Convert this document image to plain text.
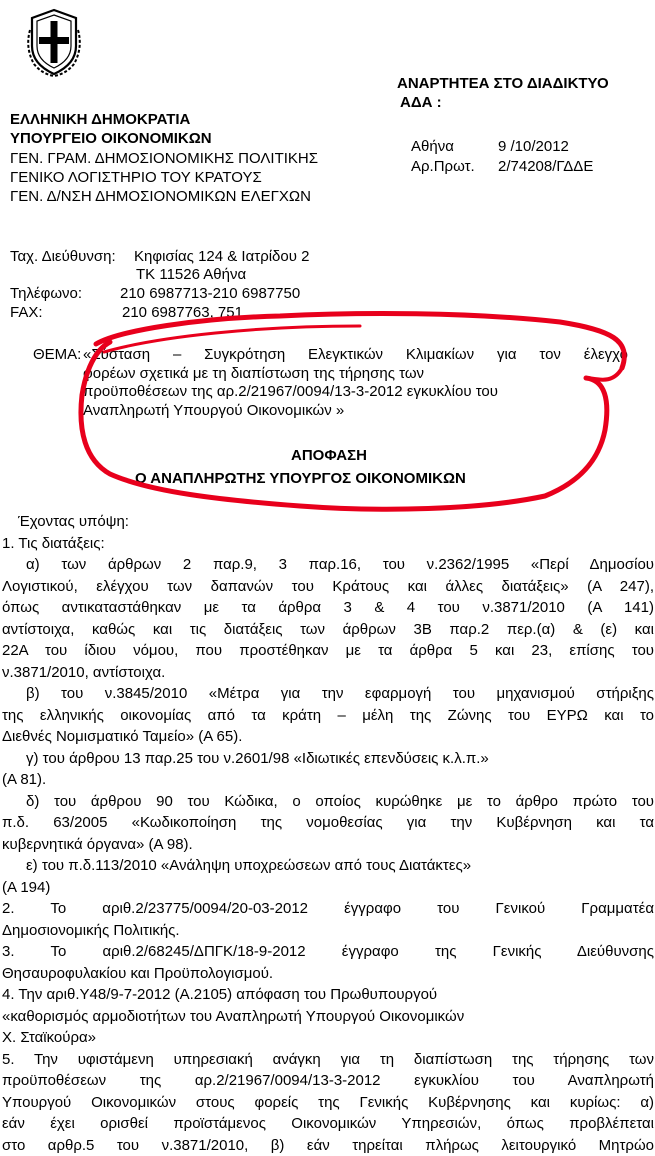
ΕΛΛΗΝΙΚΗ ΔΗΜΟΚΡΑΤΙΑ
ΥΠΟΥΡΓΕΙΟ ΟΙΚΟΝΟΜΙΚΩΝ
ΓΕΝ. ΓΡΑΜ. ΔΗΜΟΣΙΟΝΟΜΙΚΗΣ ΠΟΛΙΤΙΚΗΣ
ΓΕΝΙΚΟ ΛΟΓΙΣΤΗΡΙΟ ΤΟΥ ΚΡΑΤΟΥΣ
ΓΕΝ. Δ/ΝΣΗ ΔΗΜΟΣΙΟΝΟΜΙΚΩΝ ΕΛΕΓΧΩΝ
ΑΝΑΡΤΗΤΕΑ ΣΤΟ ΔΙΑΔΙΚΤΥΟ
ΑΔΑ :
Αθήνα	9 /10/2012
Αρ.Πρωτ. 2/74208/ΓΔΔΕ
Ταχ. Διεύθυνση: Κηφισίας 124 & Ιατρίδου 2
ΤΚ 11526 Αθήνα
Τηλέφωνο:	210 6987713-210 6987750
FAX:	210 6987763, 751
ΘΕΜΑ: «Σύσταση – Συγκρότηση Ελεγκτικών Κλιμακίων για τον έλεγχο
φορέων σχετικά με τη διαπίστωση της τήρησης των
προϋποθέσεων της αρ.2/21967/0094/13-3-2012 εγκυκλίου του
Αναπληρωτή Υπουργού Οικονομικών »
ΑΠΟΦΑΣΗ
Ο ΑΝΑΠΛΗΡΩΤΗΣ ΥΠΟΥΡΓΟΣ ΟΙΚΟΝΟΜΙΚΩΝ
Έχοντας υπόψη:
1. Τις διατάξεις:
α) των άρθρων 2 παρ.9, 3 παρ.16, του ν.2362/1995 «Περί Δημοσίου
Λογιστικού, ελέγχου των δαπανών του Κράτους και άλλες διατάξεις» (Α 247),
όπως αντικαταστάθηκαν με τα άρθρα 3 & 4 του ν.3871/2010 (Α 141)
αντίστοιχα, καθώς και τις διατάξεις των άρθρων 3Β παρ.2 περ.(α) & (ε) και
22Α του ίδιου νόμου, που προστέθηκαν με τα άρθρα 5 και 23, επίσης του
ν.3871/2010, αντίστοιχα.
β) του ν.3845/2010 «Μέτρα για την εφαρμογή του μηχανισμού στήριξης
της ελληνικής οικονομίας από τα κράτη – μέλη της Ζώνης του ΕΥΡΩ και το
Διεθνές Νομισματικό Ταμείο» (Α 65).
γ) του άρθρου 13 παρ.25 του ν.2601/98 «Ιδιωτικές επενδύσεις κ.λ.π.»
(Α 81).
δ) του άρθρου 90 του Κώδικα, ο οποίος κυρώθηκε με το άρθρο πρώτο του
π.δ. 63/2005 «Κωδικοποίηση της νομοθεσίας για την Κυβέρνηση και τα
κυβερνητικά όργανα» (Α 98).
ε) του π.δ.113/2010 «Ανάληψη υποχρεώσεων από τους Διατάκτες»
(Α 194)
2. Το αριθ.2/23775/0094/20-03-2012 έγγραφο του Γενικού Γραμματέα
Δημοσιονομικής Πολιτικής.
3. Το αριθ.2/68245/ΔΠΓΚ/18-9-2012 έγγραφο της Γενικής Διεύθυνσης
Θησαυροφυλακίου και Προϋπολογισμού.
4. Την αριθ.Υ48/9-7-2012 (Α.2105) απόφαση του Πρωθυπουργού
«καθορισμός αρμοδιοτήτων του Αναπληρωτή Υπουργού Οικονομικών
Χ. Σταϊκούρα»
5. Την υφιστάμενη υπηρεσιακή ανάγκη για τη διαπίστωση της τήρησης των
προϋποθέσεων της αρ.2/21967/0094/13-3-2012 εγκυκλίου του Αναπληρωτή
Υπουργού Οικονομικών στους φορείς της Γενικής Κυβέρνησης και κυρίως: α)
εάν έχει ορισθεί προϊστάμενος Οικονομικών Υπηρεσιών, όπως προβλέπεται
στο αρθρ.5 του ν.3871/2010, β) εάν τηρείται πλήρως λειτουργικό Μητρώο
